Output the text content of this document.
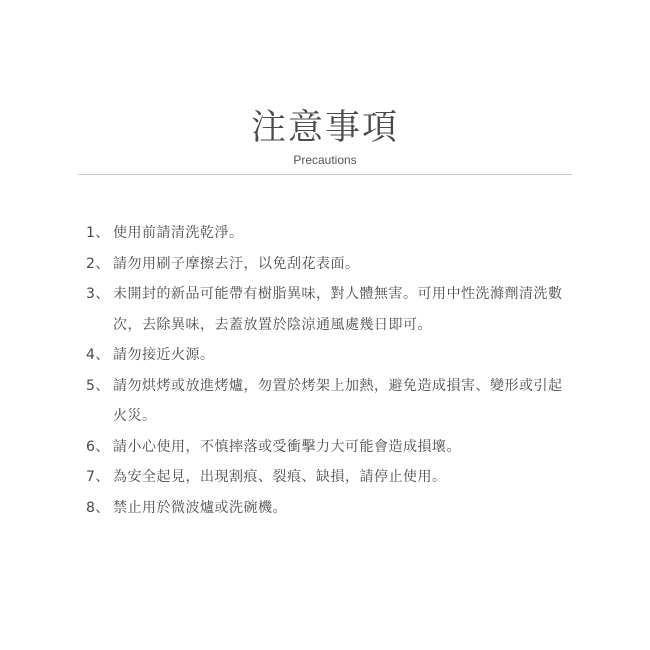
注意事項
Precautions
1、 使用前請清洗乾淨。
2、 請勿用刷子摩擦去汙，以免刮花表面。
3、 未開封的新品可能帶有樹脂異味，對人體無害。可用中性洗滌劑清洗數次，去除異味，去蓋放置於陰涼通風處幾日即可。
4、 請勿接近火源。
5、 請勿烘烤或放進烤爐，勿置於烤架上加熱，避免造成損害、變形或引起火災。
6、 請小心使用，不慎摔落或受衝擊力大可能會造成損壞。
7、 為安全起見，出現割痕、裂痕、缺損，請停止使用。
8、 禁止用於微波爐或洗碗機。
